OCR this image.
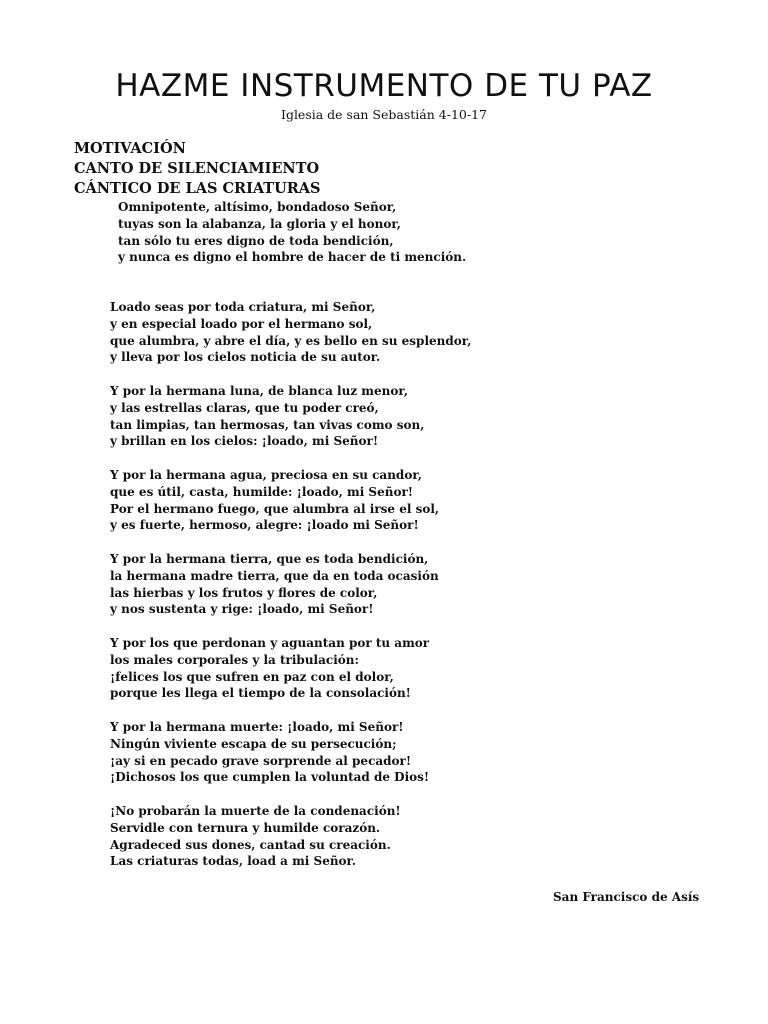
HAZME INSTRUMENTO DE TU PAZ
Iglesia de san Sebastián 4-10-17
MOTIVACIÓN
CANTO DE SILENCIAMIENTO
CÁNTICO DE LAS CRIATURAS
Omnipotente, altísimo, bondadoso Señor,
tuyas son la alabanza, la gloria y el honor,
tan sólo tu eres digno de toda bendición,
y nunca es digno el hombre de hacer de ti mención.
Loado seas por toda criatura, mi Señor,
y en especial loado por el hermano sol,
que alumbra, y abre el día, y es bello en su esplendor,
y lleva por los cielos noticia de su autor.
Y por la hermana luna, de blanca luz menor,
y las estrellas claras, que tu poder creó,
tan limpias, tan hermosas, tan vivas como son,
y brillan en los cielos: ¡loado, mi Señor!
Y por la hermana agua, preciosa en su candor,
que es útil, casta, humilde: ¡loado, mi Señor!
Por el hermano fuego, que alumbra al irse el sol,
y es fuerte, hermoso, alegre: ¡loado mi Señor!
Y por la hermana tierra, que es toda bendición,
la hermana madre tierra, que da en toda ocasión
las hierbas y los frutos y flores de color,
y nos sustenta y rige: ¡loado, mi Señor!
Y por los que perdonan y aguantan por tu amor
los males corporales y la tribulación:
¡felices los que sufren en paz con el dolor,
porque les llega el tiempo de la consolación!
Y por la hermana muerte: ¡loado, mi Señor!
Ningún viviente escapa de su persecución;
¡ay si en pecado grave sorprende al pecador!
¡Dichosos los que cumplen la voluntad de Dios!
¡No probarán la muerte de la condenación!
Servidle con ternura y humilde corazón.
Agradeced sus dones, cantad su creación.
Las criaturas todas, load a mi Señor.
San Francisco de Asís
